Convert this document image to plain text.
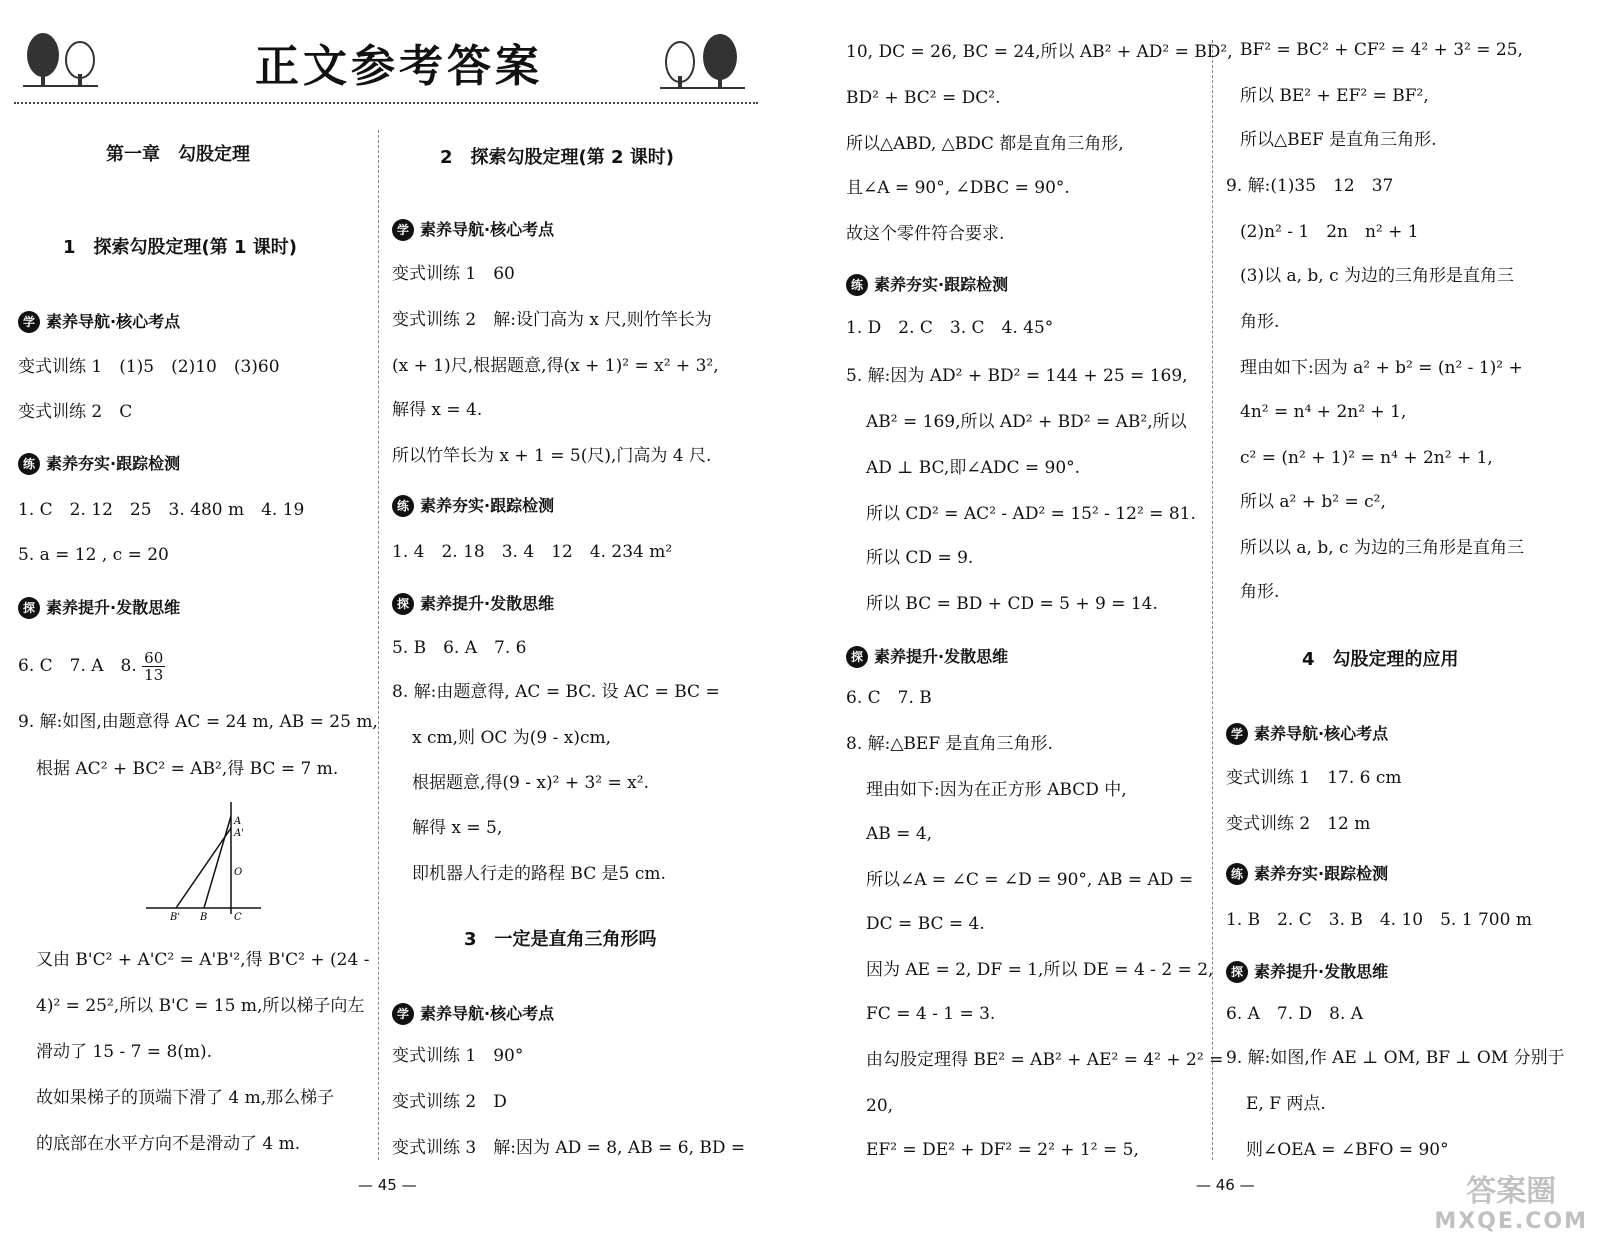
正文参考答案
第一章　勾股定理
1　探索勾股定理(第 1 课时)
学 素养导航·核心考点
变式训练 1　(1)5　(2)10　(3)60
变式训练 2　C
练 素养夯实·跟踪检测
1. C　2. 12　25　3. 480 m　4. 19
5. a = 12 , c = 20
探 素养提升·发散思维
6. C　7. A　8. $\frac{60}{13}$
9. 解:如图,由题意得 AC = 24 m, AB = 25 m,
根据 AC² + BC² = AB²,得 BC = 7 m.
A
A'
O
B
B'	C
又由 B'C² + A'C² = A'B'²,得 B'C² + (24 -
4)² = 25²,所以 B'C = 15 m,所以梯子向左
滑动了 15 - 7 = 8(m).
故如果梯子的顶端下滑了 4 m,那么梯子
的底部在水平方向不是滑动了 4 m.
2　探索勾股定理(第 2 课时)
学 素养导航·核心考点
变式训练 1　60
变式训练 2　解:设门高为 x 尺,则竹竿长为
(x + 1)尺,根据题意,得(x + 1)² = x² + 3²,
解得 x = 4.
所以竹竿长为 x + 1 = 5(尺),门高为 4 尺.
练 素养夯实·跟踪检测
1. 4　2. 18　3. 4　12　4. 234 m²
探 素养提升·发散思维
5. B　6. A　7. 6
8. 解:由题意得, AC = BC. 设 AC = BC =
x cm,则 OC 为(9 - x)cm,
根据题意,得(9 - x)² + 3² = x².
解得 x = 5,
即机器人行走的路程 BC 是5 cm.
3　一定是直角三角形吗
学 素养导航·核心考点
变式训练 1　90°
变式训练 2　D
变式训练 3　解:因为 AD = 8, AB = 6, BD =
10, DC = 26, BC = 24,所以 AB² + AD² = BD²,
BD² + BC² = DC².
所以△ABD, △BDC 都是直角三角形,
且∠A = 90°, ∠DBC = 90°.
故这个零件符合要求.
练 素养夯实·跟踪检测
1. D　2. C　3. C　4. 45°
5. 解:因为 AD² + BD² = 144 + 25 = 169,
AB² = 169,所以 AD² + BD² = AB²,所以
AD ⊥ BC,即∠ADC = 90°.
所以 CD² = AC² - AD² = 15² - 12² = 81.
所以 CD = 9.
所以 BC = BD + CD = 5 + 9 = 14.
探 素养提升·发散思维
6. C　7. B
8. 解:△BEF 是直角三角形.
理由如下:因为在正方形 ABCD 中,
AB = 4,
所以∠A = ∠C = ∠D = 90°, AB = AD =
DC = BC = 4.
因为 AE = 2, DF = 1,所以 DE = 4 - 2 = 2,
FC = 4 - 1 = 3.
由勾股定理得 BE² = AB² + AE² = 4² + 2² =
20,
EF² = DE² + DF² = 2² + 1² = 5,
BF² = BC² + CF² = 4² + 3² = 25,
所以 BE² + EF² = BF²,
所以△BEF 是直角三角形.
9. 解:(1)35　12　37
(2)n² - 1　2n　n² + 1
(3)以 a, b, c 为边的三角形是直角三
角形.
理由如下:因为 a² + b² = (n² - 1)² +
4n² = n⁴ + 2n² + 1,
c² = (n² + 1)² = n⁴ + 2n² + 1,
所以 a² + b² = c²,
所以以 a, b, c 为边的三角形是直角三
角形.
4　勾股定理的应用
学 素养导航·核心考点
变式训练 1　17. 6 cm
变式训练 2　12 m
练 素养夯实·跟踪检测
1. B　2. C　3. B　4. 10　5. 1 700 m
探 素养提升·发散思维
6. A　7. D　8. A
9. 解:如图,作 AE ⊥ OM, BF ⊥ OM 分别于
E, F 两点.
则∠OEA = ∠BFO = 90°
— 45 —	— 46 —	答案圈
MXQE.COM
